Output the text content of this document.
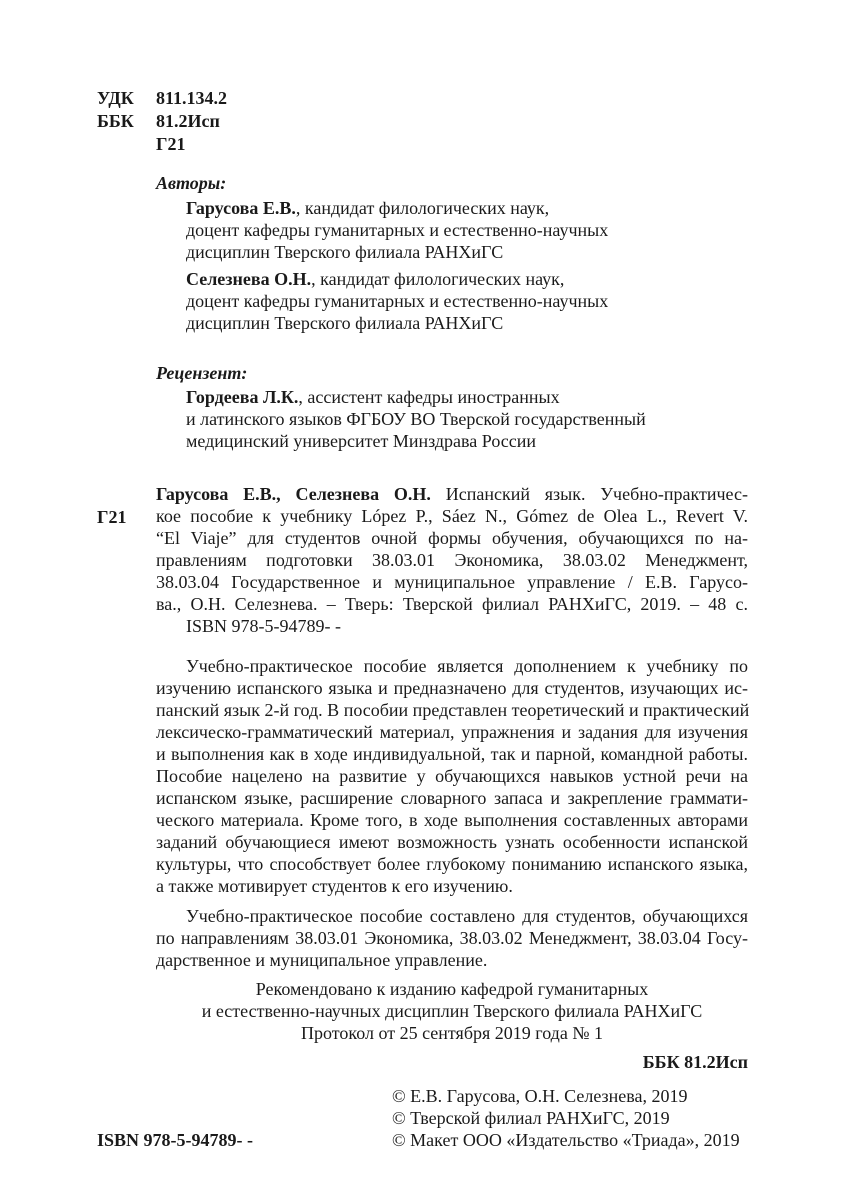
УДК 811.134.2
ББК 81.2Исп
Г21
Авторы:
Гарусова Е.В., кандидат филологических наук,
доцент кафедры гуманитарных и естественно-научных
дисциплин Тверского филиала РАНХиГС
Селезнева О.Н., кандидат филологических наук,
доцент кафедры гуманитарных и естественно-научных
дисциплин Тверского филиала РАНХиГС
Рецензент:
Гордеева Л.К., ассистент кафедры иностранных
и латинского языков ФГБОУ ВО Тверской государственный
медицинский университет Минздрава России
Г21
Гарусова Е.В., Селезнева О.Н. Испанский язык. Учебно-практичес-
кое пособие к учебнику López P., Sáez N., Gómez de Olea L., Revert V.
“El Viaje” для студентов очной формы обучения, обучающихся по на-
правлениям подготовки 38.03.01 Экономика, 38.03.02 Менеджмент,
38.03.04 Государственное и муниципальное управление / Е.В. Гарусо-
ва., О.Н. Селезнева. – Тверь: Тверской филиал РАНХиГС, 2019. – 48 с.
ISBN 978-5-94789- -
Учебно-практическое пособие является дополнением к учебнику по
изучению испанского языка и предназначено для студентов, изучающих ис-
панский язык 2-й год. В пособии представлен теоретический и практический
лексическо-грамматический материал, упражнения и задания для изучения
и выполнения как в ходе индивидуальной, так и парной, командной работы.
Пособие нацелено на развитие у обучающихся навыков устной речи на
испанском языке, расширение словарного запаса и закрепление граммати-
ческого материала. Кроме того, в ходе выполнения составленных авторами
заданий обучающиеся имеют возможность узнать особенности испанской
культуры, что способствует более глубокому пониманию испанского языка,
а также мотивирует студентов к его изучению.
Учебно-практическое пособие составлено для студентов, обучающихся
по направлениям 38.03.01 Экономика, 38.03.02 Менеджмент, 38.03.04 Госу-
дарственное и муниципальное управление.
Рекомендовано к изданию кафедрой гуманитарных
и естественно-научных дисциплин Тверского филиала РАНХиГС
Протокол от 25 сентября 2019 года № 1
ББК 81.2Исп
© Е.В. Гарусова, О.Н. Селезнева, 2019
© Тверской филиал РАНХиГС, 2019
© Макет ООО «Издательство «Триада», 2019
ISBN 978-5-94789- -
